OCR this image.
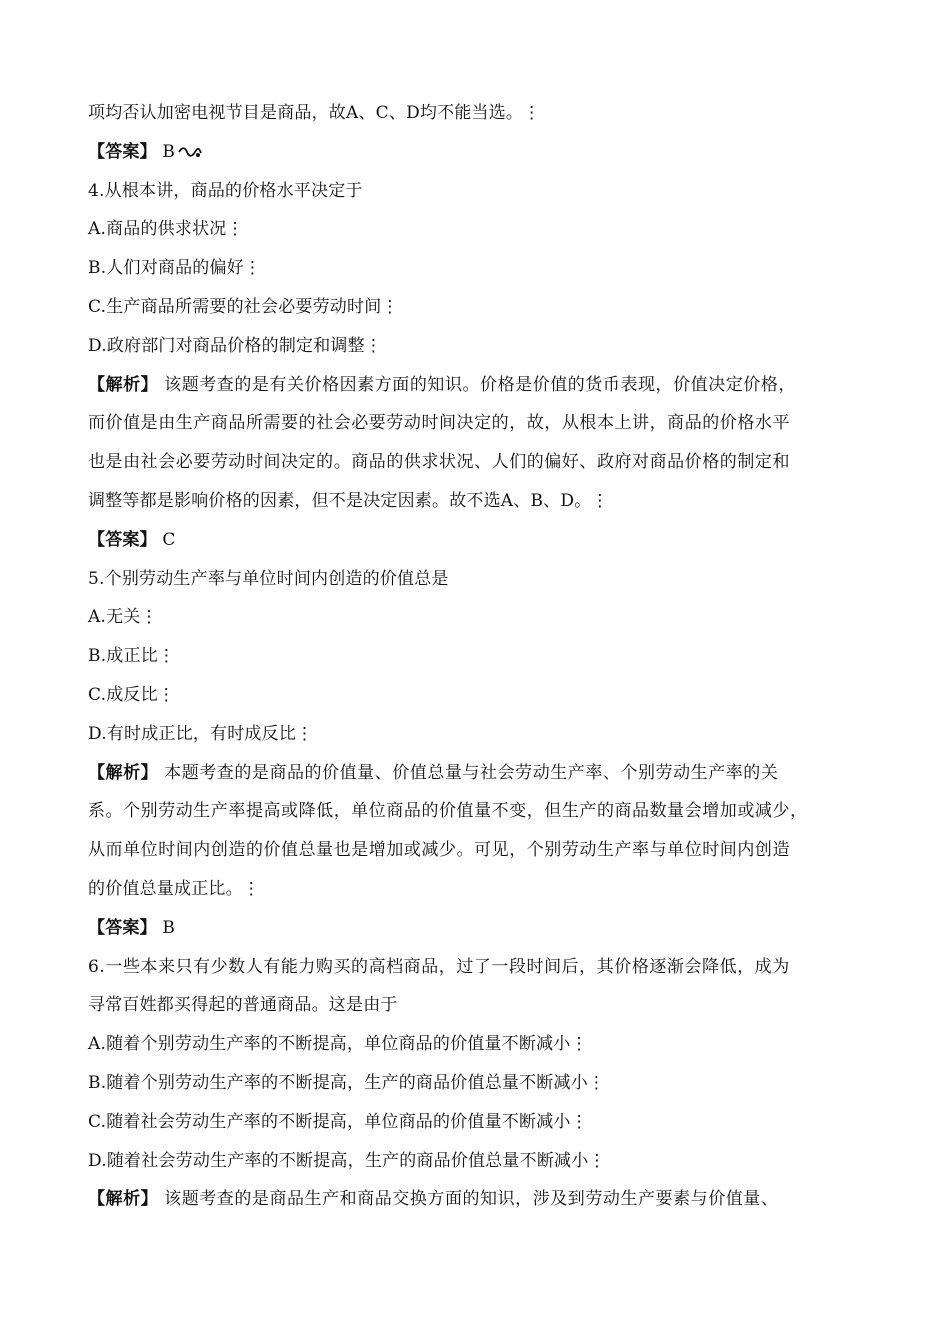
项均否认加密电视节目是商品，故A、C、D均不能当选。⋮
【答案】 B
4.从根本讲，商品的价格水平决定于
A.商品的供求状况⋮
B.人们对商品的偏好⋮
C.生产商品所需要的社会必要劳动时间⋮
D.政府部门对商品价格的制定和调整⋮
【解析】 该题考查的是有关价格因素方面的知识。价格是价值的货币表现，价值决定价格，
而价值是由生产商品所需要的社会必要劳动时间决定的，故，从根本上讲，商品的价格水平
也是由社会必要劳动时间决定的。商品的供求状况、人们的偏好、政府对商品价格的制定和
调整等都是影响价格的因素，但不是决定因素。故不选A、B、D。⋮
【答案】 C
5.个别劳动生产率与单位时间内创造的价值总是
A.无关⋮
B.成正比⋮
C.成反比⋮
D.有时成正比，有时成反比⋮
【解析】 本题考查的是商品的价值量、价值总量与社会劳动生产率、个别劳动生产率的关
系。个别劳动生产率提高或降低，单位商品的价值量不变，但生产的商品数量会增加或减少，
从而单位时间内创造的价值总量也是增加或减少。可见，个别劳动生产率与单位时间内创造
的价值总量成正比。⋮
【答案】 B
6.一些本来只有少数人有能力购买的高档商品，过了一段时间后，其价格逐渐会降低，成为
寻常百姓都买得起的普通商品。这是由于
A.随着个别劳动生产率的不断提高，单位商品的价值量不断减小⋮
B.随着个别劳动生产率的不断提高，生产的商品价值总量不断减小⋮
C.随着社会劳动生产率的不断提高，单位商品的价值量不断减小⋮
D.随着社会劳动生产率的不断提高，生产的商品价值总量不断减小⋮
【解析】 该题考查的是商品生产和商品交换方面的知识，涉及到劳动生产要素与价值量、
